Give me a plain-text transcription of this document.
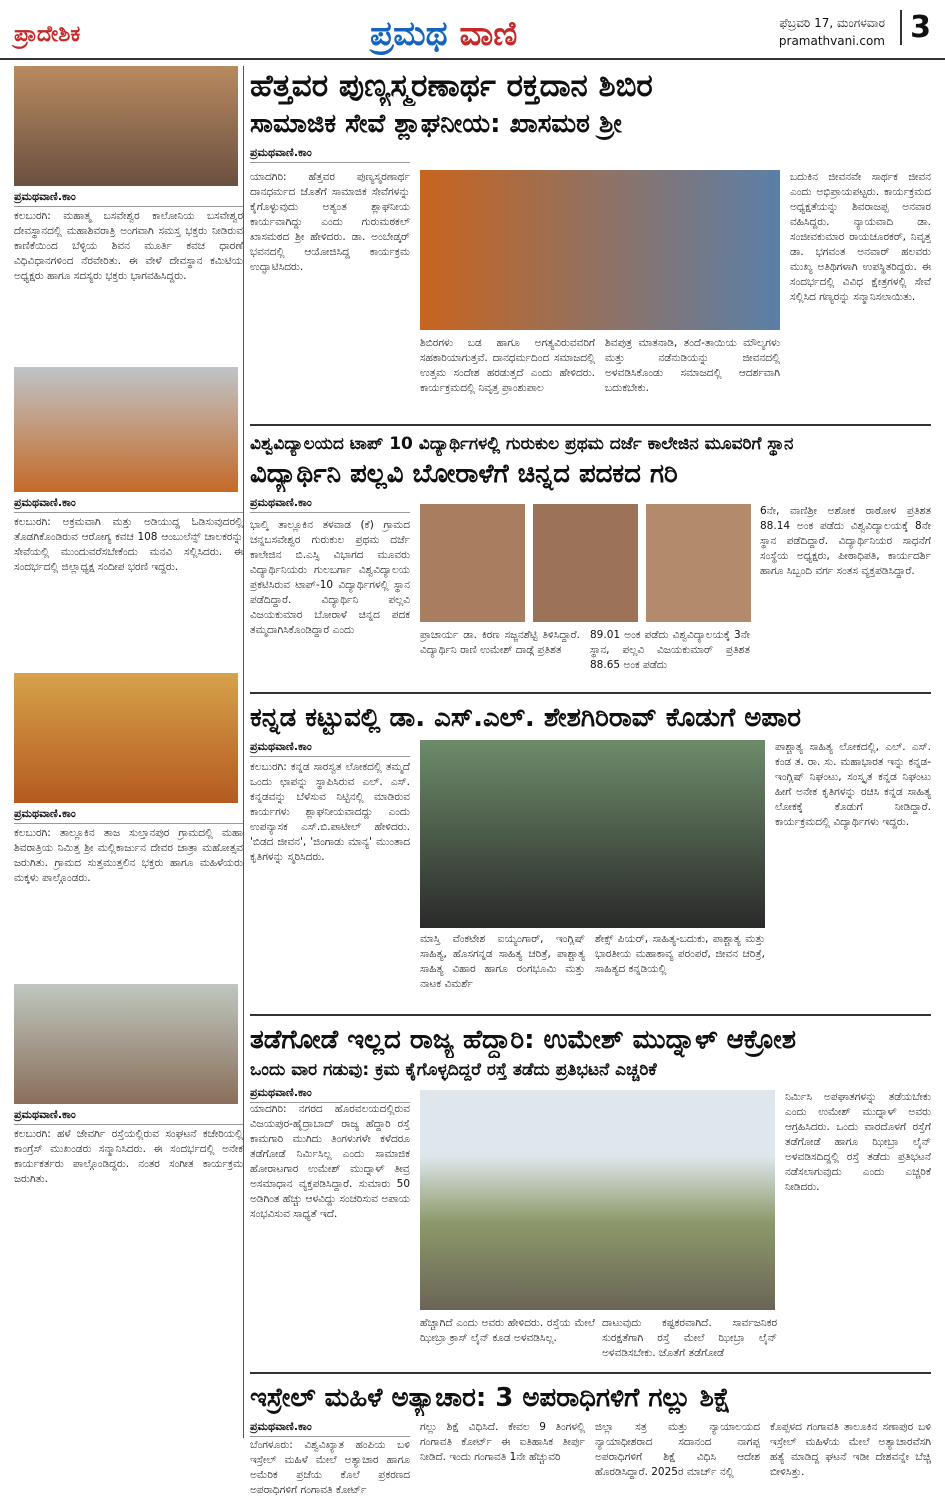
ಪ್ರಾದೇಶಿಕ	ಪ್ರಮಥ ವಾಣಿ	ಫೆಬ್ರವರಿ 17, ಮಂಗಳವಾರ
pramathvani.com 3
ಪ್ರಮಥವಾಣಿ.ಕಾಂ
ಕಲಬುರಗಿ: ಮಹಾತ್ಮ ಬಸವೇಶ್ವರ ಕಾಲೋನಿಯ ಬಸವೇಶ್ವರ ದೇವಸ್ಥಾನದಲ್ಲಿ ಮಹಾಶಿವರಾತ್ರಿ ಅಂಗವಾಗಿ ಸಮಸ್ತ ಭಕ್ತರು ನೀಡಿರುವ ಕಾಣಿಕೆಯಿಂದ ಬೆಳ್ಳಿಯ ಶಿವನ ಮೂರ್ತಿ ಕವಚ ಧಾರಣೆ ವಿಧಿವಿಧಾನಗಳಿಂದ ನೆರವೇರಿತು. ಈ ವೇಳೆ ದೇವಸ್ಥಾನ ಕಮಿಟಿಯ ಅಧ್ಯಕ್ಷರು ಹಾಗೂ ಸದಸ್ಯರು ಭಕ್ತರು ಭಾಗವಹಿಸಿದ್ದರು.
ಪ್ರಮಥವಾಣಿ.ಕಾಂ
ಕಲಬುರಗಿ: ಅಕ್ರಮವಾಗಿ ಮತ್ತು ಅಡಿಯುದ್ದ ಓಡಿಸುವುದರಲ್ಲಿ ತೊಡಗಿಕೊಂಡಿರುವ ಆರೋಗ್ಯ ಕವಚ 108 ಆಂಬುಲೆನ್ಸ್ ಚಾಲಕರನ್ನು ಸೇವೆಯಲ್ಲಿ ಮುಂದುವರೆಸಬೇಕೆಂದು ಮನವಿ ಸಲ್ಲಿಸಿದರು. ಈ ಸಂದರ್ಭದಲ್ಲಿ ಜಿಲ್ಲಾಧ್ಯಕ್ಷ ಸಂದೀಪ ಭರಣಿ ಇದ್ದರು.
ಪ್ರಮಥವಾಣಿ.ಕಾಂ
ಕಲಬುರಗಿ: ತಾಲ್ಲೂಕಿನ ತಾಜ ಸುಲ್ತಾನಪುರ ಗ್ರಾಮದಲ್ಲಿ ಮಹಾ ಶಿವರಾತ್ರಿಯ ನಿಮಿತ್ತ ಶ್ರೀ ಮಲ್ಲಿಕಾರ್ಜುನ ದೇವರ ಜಾತ್ರಾ ಮಹೋತ್ಸವ ಜರುಗಿತು. ಗ್ರಾಮದ ಸುತ್ತಮುತ್ತಲಿನ ಭಕ್ತರು ಹಾಗೂ ಮಹಿಳೆಯರು ಮಕ್ಕಳು ಪಾಲ್ಗೊಂಡರು.
ಪ್ರಮಥವಾಣಿ.ಕಾಂ
ಕಲಬುರಗಿ: ಹಳೆ ಜೇವರ್ಗಿ ರಸ್ತೆಯಲ್ಲಿರುವ ಸಂಘಟನೆ ಕಚೇರಿಯಲ್ಲಿ ಕಾಂಗ್ರೆಸ್ ಮುಖಂಡರು ಸನ್ಮಾನಿಸಿದರು. ಈ ಸಂದರ್ಭದಲ್ಲಿ ಅನೇಕ ಕಾರ್ಯಕರ್ತರು ಪಾಲ್ಗೊಂಡಿದ್ದರು. ನಂತರ ಸಂಗೀತ ಕಾರ್ಯಕ್ರಮ ಜರುಗಿತು.
ಹೆತ್ತವರ ಪುಣ್ಯಸ್ಮರಣಾರ್ಥ ರಕ್ತದಾನ ಶಿಬಿರ
ಸಾಮಾಜಿಕ ಸೇವೆ ಶ್ಲಾಘನೀಯ: ಖಾಸಮಠ ಶ್ರೀ
ಪ್ರಮಥವಾಣಿ.ಕಾಂ
ಯಾದಗಿರಿ: ಹೆತ್ತವರ ಪುಣ್ಯಸ್ಮರಣಾರ್ಥ ದಾನಧರ್ಮದ ಜೊತೆಗೆ ಸಾಮಾಜಿಕ ಸೇವೆಗಳನ್ನು ಕೈಗೊಳ್ಳುವುದು ಅತ್ಯಂತ ಶ್ಲಾಘನೀಯ ಕಾರ್ಯವಾಗಿದ್ದು ಎಂದು ಗುರುಮಠಕಲ್ ಖಾಸಮಠದ ಶ್ರೀ ಹೇಳಿದರು. ಡಾ. ಅಂಬೇಡ್ಕರ್ ಭವನದಲ್ಲಿ ಆಯೋಜಿಸಿದ್ದ ಕಾರ್ಯಕ್ರಮ ಉದ್ಘಾಟಿಸಿದರು.
ಶಿಬಿರಗಳು ಬಡ ಹಾಗೂ ಅಗತ್ಯವಿರುವವರಿಗೆ ಸಹಕಾರಿಯಾಗುತ್ತವೆ. ದಾನಧರ್ಮದಿಂದ ಸಮಾಜದಲ್ಲಿ ಉತ್ತಮ ಸಂದೇಶ ಹರಡುತ್ತದೆ ಎಂದು ಹೇಳಿದರು. ಕಾರ್ಯಕ್ರಮದಲ್ಲಿ ನಿವೃತ್ತ ಪ್ರಾಂಶುಪಾಲ
ಶಿವಪುತ್ರ ಮಾತನಾಡಿ, ತಂದೆ-ತಾಯಿಯ ಮೌಲ್ಯಗಳು ಮತ್ತು ನಡೆನುಡಿಯನ್ನು ಜೀವನದಲ್ಲಿ ಅಳವಡಿಸಿಕೊಂಡು ಸಮಾಜದಲ್ಲಿ ಆದರ್ಶವಾಗಿ ಬದುಕಬೇಕು.
ಬದುಕಿನ ಜೀವನವೇ ಸಾರ್ಥಕ ಜೀವನ ಎಂದು ಅಭಿಪ್ರಾಯಪಟ್ಟರು. ಕಾರ್ಯಕ್ರಮದ ಅಧ್ಯಕ್ಷತೆಯನ್ನು ಶಿವರಾಜಪ್ಪ ಅನವಾರ ವಹಿಸಿದ್ದರು. ನ್ಯಾಯವಾದಿ ಡಾ. ಸಂಜೀವಕುಮಾರ ರಾಯಚೂರಕರ್, ನಿವೃತ್ತ ಡಾ. ಭಗವಂತ ಅನವಾರ್ ಹಲವರು ಮುಖ್ಯ ಅತಿಥಿಗಳಾಗಿ ಉಪಸ್ಥಿತರಿದ್ದರು. ಈ ಸಂದರ್ಭದಲ್ಲಿ ವಿವಿಧ ಕ್ಷೇತ್ರಗಳಲ್ಲಿ ಸೇವೆ ಸಲ್ಲಿಸಿದ ಗಣ್ಯರನ್ನು ಸನ್ಮಾನಿಸಲಾಯಿತು.
ವಿಶ್ವವಿದ್ಯಾಲಯದ ಟಾಪ್ 10 ವಿದ್ಯಾರ್ಥಿಗಳಲ್ಲಿ ಗುರುಕುಲ ಪ್ರಥಮ ದರ್ಜೆ ಕಾಲೇಜಿನ ಮೂವರಿಗೆ ಸ್ಥಾನ
ವಿದ್ಯಾರ್ಥಿನಿ ಪಲ್ಲವಿ ಬೋರಾಳೆಗೆ ಚಿನ್ನದ ಪದಕದ ಗರಿ
ಪ್ರಮಥವಾಣಿ.ಕಾಂ
ಭಾಲ್ಕಿ ತಾಲ್ಲೂಕಿನ ತಳವಾಡ (ಕೆ) ಗ್ರಾಮದ ಚನ್ನಬಸವೇಶ್ವರ ಗುರುಕುಲ ಪ್ರಥಮ ದರ್ಜೆ ಕಾಲೇಜಿನ ಬಿ.ಎಸ್ಸಿ ವಿಭಾಗದ ಮೂವರು ವಿದ್ಯಾರ್ಥಿನಿಯರು ಗುಲಬರ್ಗಾ ವಿಶ್ವವಿದ್ಯಾಲಯ ಪ್ರಕಟಿಸಿರುವ ಟಾಪ್-10 ವಿದ್ಯಾರ್ಥಿಗಳಲ್ಲಿ ಸ್ಥಾನ ಪಡೆದಿದ್ದಾರೆ. ವಿದ್ಯಾರ್ಥಿನಿ ಪಲ್ಲವಿ ವಿಜಯಕುಮಾರ ಬೋರಾಳೆ ಚಿನ್ನದ ಪದಕ ತಮ್ಮದಾಗಿಸಿಕೊಂಡಿದ್ದಾರೆ ಎಂದು	ಪ್ರಾಚಾರ್ಯ ಡಾ. ಕಿರಣ ಸಜ್ಜನಶೆಟ್ಟಿ ತಿಳಿಸಿದ್ದಾರೆ. ವಿದ್ಯಾರ್ಥಿನಿ ರಾಣಿ ಉಮೇಶ್ ದಾಡ್ಗೆ ಪ್ರತಿಶತ
89.01 ಅಂಕ ಪಡೆದು ವಿಶ್ವವಿದ್ಯಾಲಯಕ್ಕೆ 3ನೇ ಸ್ಥಾನ, ಪಲ್ಲವಿ ವಿಜಯಕುಮಾರ್ ಪ್ರತಿಶತ 88.65 ಅಂಕ ಪಡೆದು
6ನೇ, ವಾಣಿಶ್ರೀ ಅಶೋಕ ರಾಠೋಳ ಪ್ರತಿಶತ 88.14 ಅಂಕ ಪಡೆದು ವಿಶ್ವವಿದ್ಯಾಲಯಕ್ಕೆ 8ನೇ ಸ್ಥಾನ ಪಡೆದಿದ್ದಾರೆ. ವಿದ್ಯಾರ್ಥಿನಿಯರ ಸಾಧನೆಗೆ ಸಂಸ್ಥೆಯ ಅಧ್ಯಕ್ಷರು, ಪೀಠಾಧಿಪತಿ, ಕಾರ್ಯದರ್ಶಿ ಹಾಗೂ ಸಿಬ್ಬಂದಿ ವರ್ಗ ಸಂತಸ ವ್ಯಕ್ತಪಡಿಸಿದ್ದಾರೆ.
ಕನ್ನಡ ಕಟ್ಟುವಲ್ಲಿ ಡಾ. ಎಸ್.ಎಲ್. ಶೇಶಗಿರಿರಾವ್ ಕೊಡುಗೆ ಅಪಾರ
ಪ್ರಮಥವಾಣಿ.ಕಾಂ
ಕಲಬುರಗಿ: ಕನ್ನಡ ಸಾರಸ್ವತ ಲೋಕದಲ್ಲಿ ತಮ್ಮದೆ ಒಂದು ಛಾಪನ್ನು ಸ್ಥಾಪಿಸಿರುವ ಎಲ್. ಎಸ್. ಕನ್ನಡವನ್ನು ಬೆಳೆಸುವ ನಿಟ್ಟಿನಲ್ಲಿ ಮಾಡಿರುವ ಕಾರ್ಯಗಳು ಶ್ಲಾಘನೀಯವಾದದ್ದು ಎಂದು ಉಪನ್ಯಾಸಕ ಎಸ್.ಬಿ.ಪಾಟೀಲ್ ಹೇಳಿದರು. 'ಬಿಡದ ಜೀವನ', 'ಜಿಂಗಾಡು ಮಾನ್ಯ' ಮುಂತಾದ ಕೃತಿಗಳನ್ನು ಸ್ಮರಿಸಿದರು.
ಮಾಸ್ತಿ ವೆಂಕಟೇಶ ಐಯ್ಯಂಗಾರ್, ಇಂಗ್ಲಿಷ್ ಸಾಹಿತ್ಯ, ಹೊಸಗನ್ನಡ ಸಾಹಿತ್ಯ ಚರಿತ್ರೆ, ಪಾಶ್ಚಾತ್ಯ ಸಾಹಿತ್ಯ ವಿಹಾರ ಹಾಗೂ ರಂಗಭೂಮಿ ಮತ್ತು ನಾಟಕ ವಿಮರ್ಶೆ
ಶೇಕ್ಸ್ ಪಿಯರ್, ಸಾಹಿತ್ಯ-ಬದುಕು, ಪಾಶ್ಚಾತ್ಯ ಮತ್ತು ಭಾರತೀಯ ಮಹಾಕಾವ್ಯ ಪರಂಪರೆ, ಜೀವನ ಚರಿತ್ರೆ, ಸಾಹಿತ್ಯದ ಕನ್ನಡಿಯಲ್ಲಿ
ಪಾಶ್ಚಾತ್ಯ ಸಾಹಿತ್ಯ ಲೋಕದಲ್ಲಿ, ಎಲ್. ಎಸ್. ಕಂಡ ತ. ರಾ. ಸು. ಮಹಾಭಾರತ ಇನ್ನು ಕನ್ನಡ-ಇಂಗ್ಲಿಷ್ ನಿಘಂಟು, ಸಂಸ್ಕೃತ ಕನ್ನಡ ನಿಘಂಟು ಹೀಗೆ ಅನೇಕ ಕೃತಿಗಳನ್ನು ರಚಿಸಿ ಕನ್ನಡ ಸಾಹಿತ್ಯ ಲೋಕಕ್ಕೆ ಕೊಡುಗೆ ನೀಡಿದ್ದಾರೆ. ಕಾರ್ಯಕ್ರಮದಲ್ಲಿ ವಿದ್ಯಾರ್ಥಿಗಳು ಇದ್ದರು.
ತಡೆಗೋಡೆ ಇಲ್ಲದ ರಾಜ್ಯ ಹೆದ್ದಾರಿ: ಉಮೇಶ್ ಮುದ್ನಾಳ್ ಆಕ್ರೋಶ
ಒಂದು ವಾರ ಗಡುವು: ಕ್ರಮ ಕೈಗೊಳ್ಳದಿದ್ದರೆ ರಸ್ತೆ ತಡೆದು ಪ್ರತಿಭಟನೆ ಎಚ್ಚರಿಕೆ
ಪ್ರಮಥವಾಣಿ.ಕಾಂ
ಯಾದಗಿರಿ: ನಗರದ ಹೊರವಲಯದಲ್ಲಿರುವ ವಿಜಯಪುರ-ಹೈದ್ರಾಬಾದ್ ರಾಜ್ಯ ಹೆದ್ದಾರಿ ರಸ್ತೆ ಕಾಮಗಾರಿ ಮುಗಿದು ತಿಂಗಳುಗಳೇ ಕಳೆದರೂ ತಡೆಗೋಡೆ ನಿರ್ಮಿಸಿಲ್ಲ ಎಂದು ಸಾಮಾಜಿಕ ಹೋರಾಟಗಾರ ಉಮೇಶ್ ಮುದ್ನಾಳ್ ತೀವ್ರ ಅಸಮಾಧಾನ ವ್ಯಕ್ತಪಡಿಸಿದ್ದಾರೆ. ಸುಮಾರು 50 ಅಡಿಗಿಂತ ಹೆಚ್ಚು ಆಳವಿದ್ದು ಸಂಚರಿಸುವ ಅಪಾಯ ಸಂಭವಿಸುವ ಸಾಧ್ಯತೆ ಇದೆ.
ಹೆಚ್ಚಾಗಿದೆ ಎಂದು ಅವರು ಹೇಳಿದರು. ರಸ್ತೆಯ ಮೇಲೆ ಝೀಬ್ರಾ ಕ್ರಾಸ್ ಲೈನ್ ಕೂಡ ಅಳವಡಿಸಿಲ್ಲ.
ದಾಟುವುದು ಕಷ್ಟಕರವಾಗಿದೆ. ಸಾರ್ವಜನಿಕರ ಸುರಕ್ಷತೆಗಾಗಿ ರಸ್ತೆ ಮೇಲೆ ಝೀಬ್ರಾ ಲೈನ್ ಅಳವಡಿಸಬೇಕು. ಜೊತೆಗೆ ತಡೆಗೋಡೆ
ನಿರ್ಮಿಸಿ ಅಪಘಾತಗಳನ್ನು ತಡೆಯಬೇಕು ಎಂದು ಉಮೇಶ್ ಮುದ್ನಾಳ್ ಅವರು ಆಗ್ರಹಿಸಿದರು. ಒಂದು ವಾರದೊಳಗೆ ರಸ್ತೆಗೆ ತಡೆಗೋಡೆ ಹಾಗೂ ಝೀಬ್ರಾ ಲೈನ್ ಅಳವಡಿಸದಿದ್ದಲ್ಲಿ ರಸ್ತೆ ತಡೆದು ಪ್ರತಿಭಟನೆ ನಡೆಸಲಾಗುವುದು ಎಂದು ಎಚ್ಚರಿಕೆ ನೀಡಿದರು.
ಇಸ್ರೇಲ್ ಮಹಿಳೆ ಅತ್ಯಾಚಾರ: 3 ಅಪರಾಧಿಗಳಿಗೆ ಗಲ್ಲು ಶಿಕ್ಷೆ
ಪ್ರಮಥವಾಣಿ.ಕಾಂ
ಬೆಂಗಳೂರು: ವಿಶ್ವವಿಖ್ಯಾತ ಹಂಪಿಯ ಬಳಿ ಇಸ್ರೇಲ್ ಮಹಿಳೆ ಮೇಲೆ ಅತ್ಯಾಚಾರ ಹಾಗೂ ಅಮೆರಿಕ ಪ್ರಜೆಯ ಕೊಲೆ ಪ್ರಕರಣದ ಅಪರಾಧಿಗಳಿಗೆ ಗಂಗಾವತಿ ಕೋರ್ಟ್
ಗಲ್ಲು ಶಿಕ್ಷೆ ವಿಧಿಸಿದೆ. ಕೇವಲ 9 ತಿಂಗಳಲ್ಲಿ ಗಂಗಾವತಿ ಕೋರ್ಟ್ ಈ ಐತಿಹಾಸಿಕ ತೀರ್ಪು ನೀಡಿದೆ. ಇಂದು ಗಂಗಾವತಿ 1ನೇ ಹೆಚ್ಚುವರಿ
ಜಿಲ್ಲಾ ಸತ್ರ ಮತ್ತು ನ್ಯಾಯಾಲಯದ ನ್ಯಾಯಾಧೀಶರಾದ ಸದಾನಂದ ನಾಗಪ್ಪ ಅಪರಾಧಿಗಳಿಗೆ ಶಿಕ್ಷೆ ವಿಧಿಸಿ ಆದೇಶ ಹೊರಡಿಸಿದ್ದಾರೆ. 2025ರ ಮಾರ್ಚ್ ನಲ್ಲಿ
ಕೊಪ್ಪಳದ ಗಂಗಾವತಿ ತಾಲೂಕಿನ ಸಣಾಪುರ ಬಳಿ ಇಸ್ರೇಲ್ ಮಹಿಳೆಯ ಮೇಲೆ ಅತ್ಯಾಚಾರವೆಸಗಿ ಹತ್ಯೆ ಮಾಡಿದ್ದ ಘಟನೆ ಇಡೀ ದೇಶವನ್ನೇ ಬೆಚ್ಚಿ ಬೀಳಿಸಿತ್ತು.
